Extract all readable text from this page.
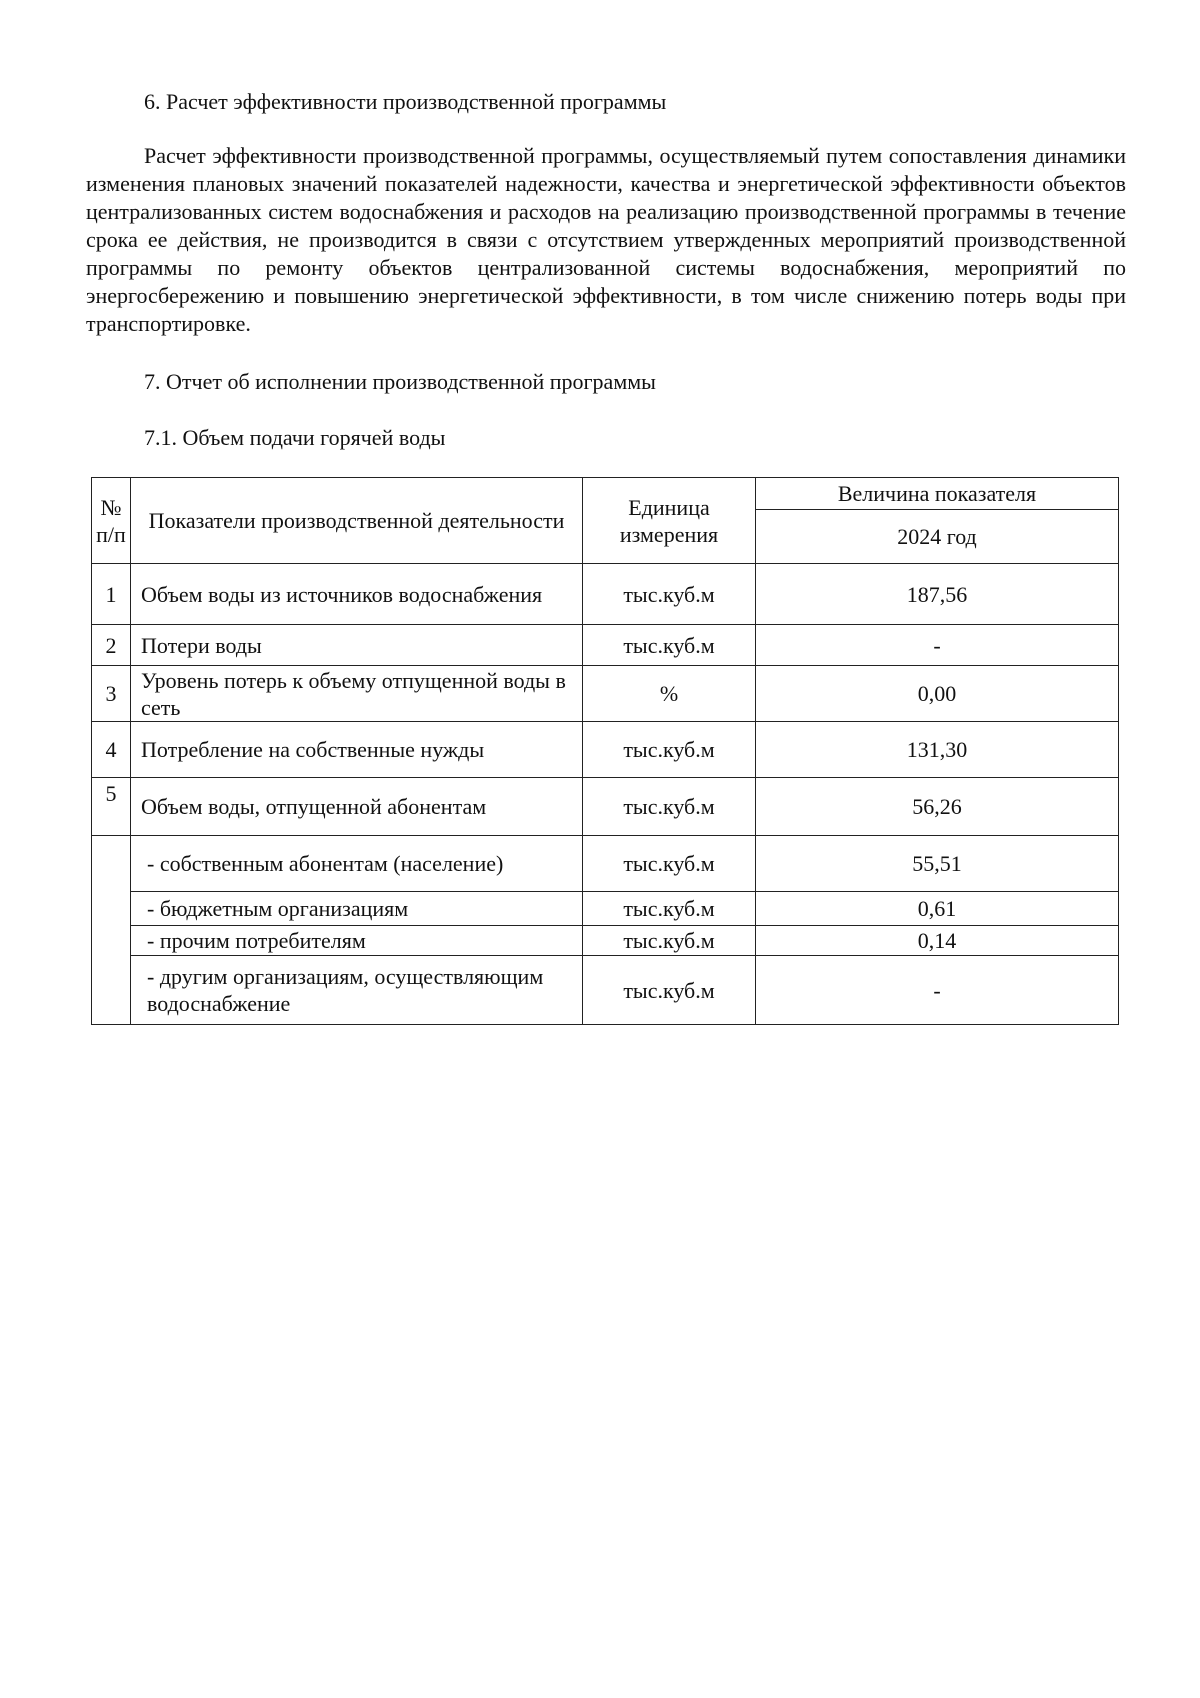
6. Расчет эффективности производственной программы

Расчет эффективности производственной программы, осуществляемый путем сопоставления динамики изменения плановых значений показателей надежности, качества и энергетической эффективности объектов централизованных систем водоснабжения и расходов на реализацию производственной программы в течение срока ее действия, не производится в связи с отсутствием утвержденных мероприятий производственной программы по ремонту объектов централизованной системы водоснабжения, мероприятий по энергосбережению и повышению энергетической эффективности, в том числе снижению потерь воды при транспортировке.

7. Отчет об исполнении производственной программы
7.1. Объем подачи горячей воды
№ п/п	Показатели производственной деятельности	Единица измерения	Величина показателя
			2024 год
1	Объем воды из источников водоснабжения	тыс.куб.м	187,56
2	Потери воды	тыс.куб.м	-
3	Уровень потерь к объему отпущенной воды в сеть	%	0,00
4	Потребление на собственные нужды	тыс.куб.м	131,30
5	Объем воды, отпущенной абонентам	тыс.куб.м	56,26
	- собственным абонентам (население)	тыс.куб.м	55,51
	- бюджетным организациям	тыс.куб.м	0,61
	- прочим потребителям	тыс.куб.м	0,14
	- другим организациям, осуществляющим водоснабжение	тыс.куб.м	-
